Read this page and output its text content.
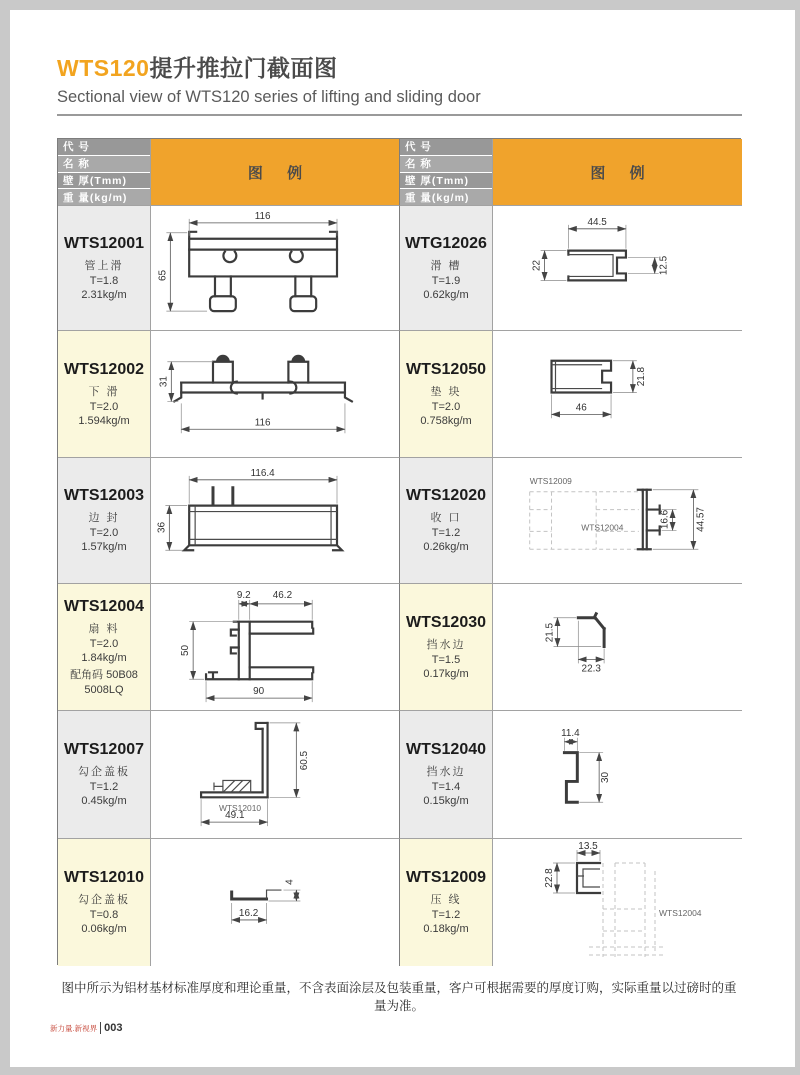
WTS120提升推拉门截面图
Sectional view of WTS120 series of lifting and sliding door
代 号
名 称
壁 厚(Tmm)
重 量(kg/m)
图 例
代 号
名 称
壁 厚(Tmm)
重 量(kg/m)
图 例
WTS12001
管上滑
T=1.8
2.31kg/m
116
65
WTG12026
滑 槽
T=1.9
0.62kg/m
44.5
22	12.5
WTS12002
下 滑
T=2.0
1.594kg/m
31
116
WTS12050
垫 块
T=2.0
0.758kg/m
46
21.8
WTS12003
边 封
T=2.0
1.57kg/m
116.4
36
WTS12020
收 口
T=1.2
0.26kg/m
16.6 44.57
WTS12009
WTS12004
WTS12004
扇 料
T=2.0
1.84kg/m
配角码 50B08
5008LQ
9.2 46.2
50
90
WTS12030
挡水边
T=1.5
0.17kg/m
21.5
22.3
WTS12007
勾企盖板
T=1.2
0.45kg/m
60.5
49.1
WTS12010
WTS12040
挡水边
T=1.4
0.15kg/m
11.4
30
WTS12010
勾企盖板
T=0.8
0.06kg/m
4
16.2
WTS12009
压 线
T=1.2
0.18kg/m
13.5
22.8
WTS12004
图中所示为铝材基材标准厚度和理论重量，不含表面涂层及包装重量，客户可根据需要的厚度订购，实际重量以过磅时的重量为准。
新力量.新视界 003
